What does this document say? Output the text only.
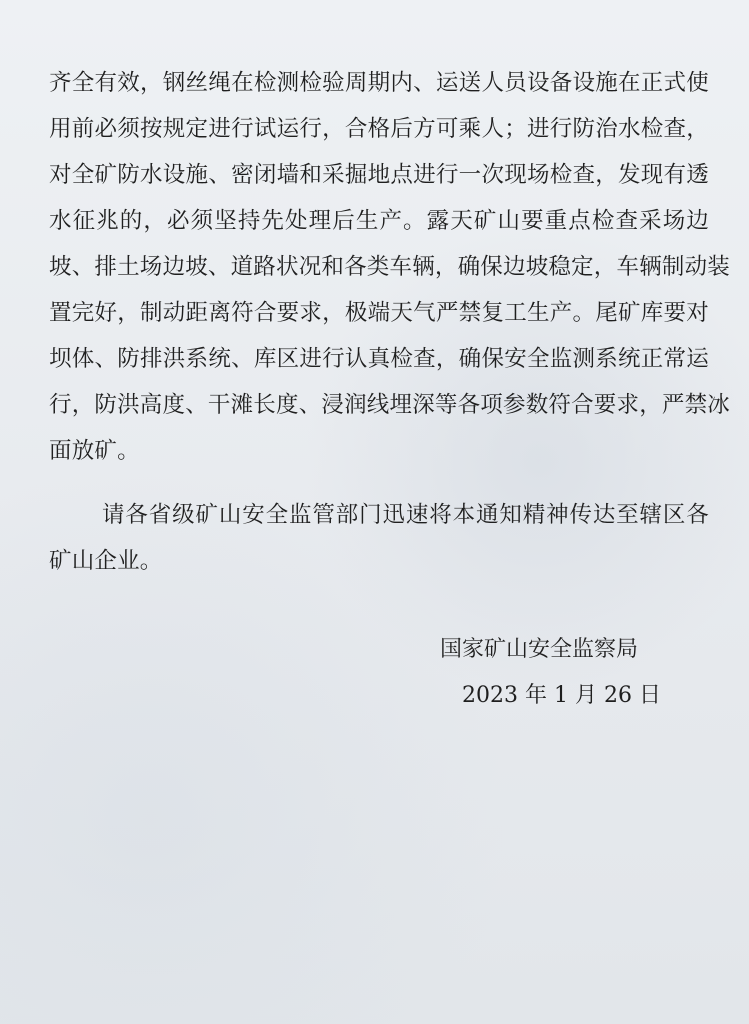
齐全有效，钢丝绳在检测检验周期内、运送人员设备设施在正式使
用前必须按规定进行试运行，合格后方可乘人；进行防治水检查，
对全矿防水设施、密闭墙和采掘地点进行一次现场检查，发现有透
水征兆的，必须坚持先处理后生产。露天矿山要重点检查采场边
坡、排土场边坡、道路状况和各类车辆，确保边坡稳定，车辆制动装
置完好，制动距离符合要求，极端天气严禁复工生产。尾矿库要对
坝体、防排洪系统、库区进行认真检查，确保安全监测系统正常运
行，防洪高度、干滩长度、浸润线埋深等各项参数符合要求，严禁冰
面放矿。
请各省级矿山安全监管部门迅速将本通知精神传达至辖区各
矿山企业。
国家矿山安全监察局
2023 年 1 月 26 日
